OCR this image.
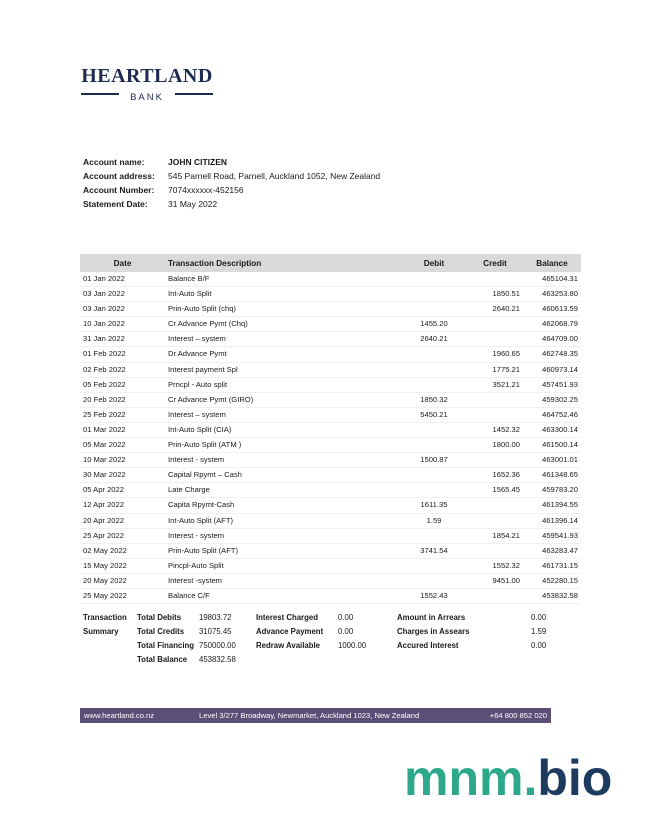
HEARTLAND
BANK
Account name:	JOHN CITIZEN
Account address: 545 Parnell Road, Parnell, Auckland 1052, New Zealand
Account Number: 7074xxxxxx-452156
Statement Date: 31 May 2022
Date	Transaction Description	Debit	Credit	Balance
01 Jan 2022	Balance B/F			465104.31
03 Jan 2022	Int-Auto Split		1850.51	463253.80
03 Jan 2022	Prin-Auto Split (chq)		2640.21	460613.59
10 Jan 2022	Cr Advance Pymt (Chq)	1455.20		462068.79
31 Jan 2022	Interest – system	2640.21		464709.00
01 Feb 2022	Dr Advance Pymt		1960.65	462748.35
02 Feb 2022	Interest payment Spl		1775.21	460973.14
05 Feb 2022	Prncpl - Auto split		3521.21	457451.93
20 Feb 2022	Cr Advance Pymt (GIRO)	1850.32		459302.25
25 Feb 2022	Interest – system	5450.21		464752.46
01 Mar 2022	Int-Auto Split (CIA)		1452.32	463300.14
05 Mar 2022	Prin-Auto Split (ATM )		1800.00	461500.14
10 Mar 2022	Interest - system	1500.87		463001.01
30 Mar 2022	Capital Rpymt – Cash		1652.36	461348.65
05 Apr 2022	Late Charge		1565.45	459783.20
12 Apr 2022	Capita Rpymt-Cash	1611.35		461394.55
20 Apr 2022	Int-Auto Split (AFT)	1.59		461396.14
25 Apr 2022	Interest - system		1854.21	459541.93
02 May 2022	Prin-Auto Split (AFT)	3741.54		463283.47
15 May 2022	Pincpl-Auto Split		1552.32	461731.15
20 May 2022	Interest -system		9451.00	452280.15
25 May 2022	Balance C/F	1552.43		453832.58
Transaction
Summary
Total Debits 19803.72
Total Credits 31075.45
Total Financing 750000.00
Total Balance 453832.58
Interest Charged	0.00
Advance Payment 0.00
Redraw Available 1000.00
Amount in Arrears	0.00
Charges in Assears	1.59
Accured Interest	0.00
www.heartland.co.nz	Level 3/277 Broadway, Newmarket, Auckland 1023, New Zealand	+64 800 852 020
mnm.bio
